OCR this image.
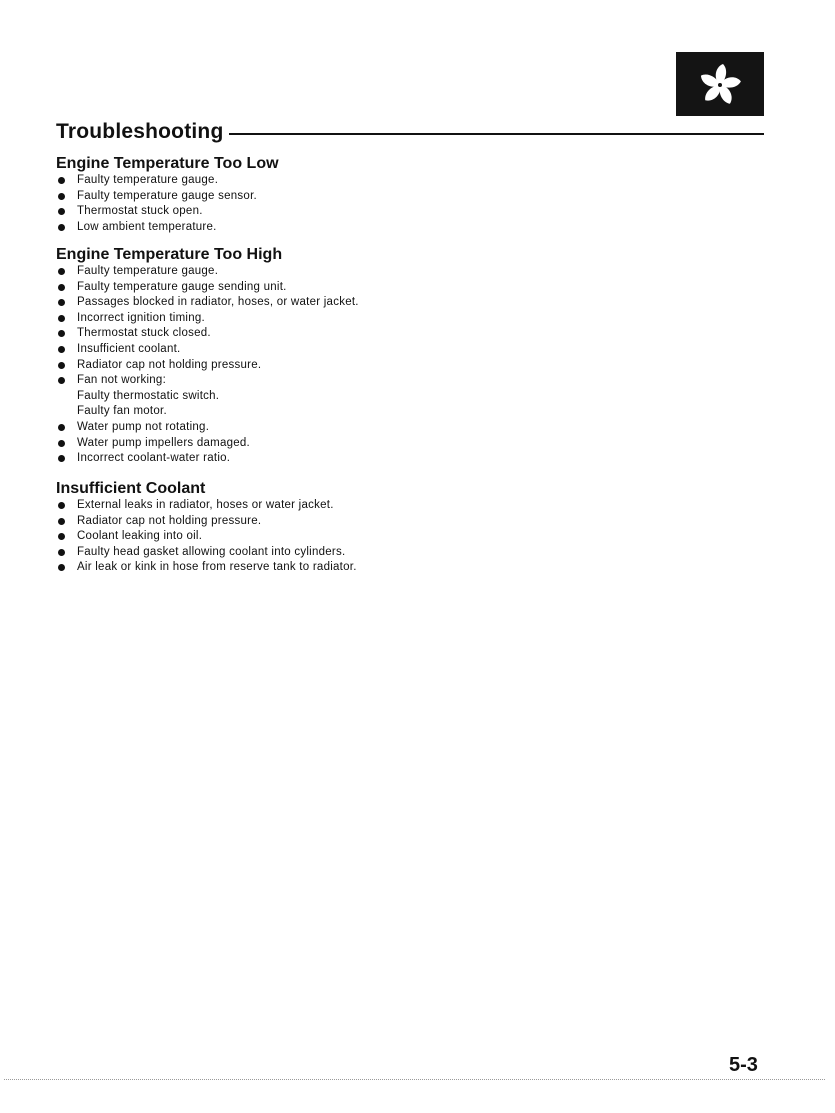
Troubleshooting
Engine Temperature Too Low
Faulty temperature gauge.
Faulty temperature gauge sensor.
Thermostat stuck open.
Low ambient temperature.
Engine Temperature Too High
Faulty temperature gauge.
Faulty temperature gauge sending unit.
Passages blocked in radiator, hoses, or water jacket.
Incorrect ignition timing.
Thermostat stuck closed.
Insufficient coolant.
Radiator cap not holding pressure.
Fan not working:
Faulty thermostatic switch.
Faulty fan motor.
Water pump not rotating.
Water pump impellers damaged.
Incorrect coolant-water ratio.
Insufficient Coolant
External leaks in radiator, hoses or water jacket.
Radiator cap not holding pressure.
Coolant leaking into oil.
Faulty head gasket allowing coolant into cylinders.
Air leak or kink in hose from reserve tank to radiator.
5-3
